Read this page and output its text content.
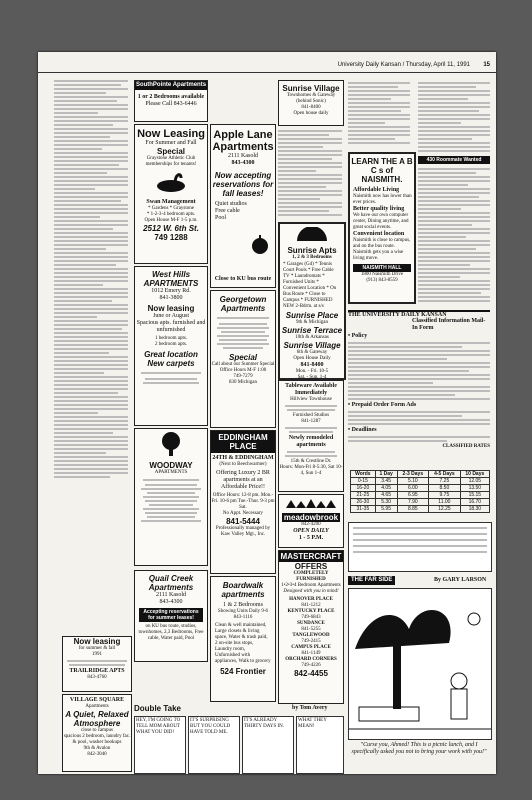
University Daily Kansan / Thursday, April 11, 1991 15
SouthPointe Apartments
1 or 2 Bedrooms available
Please Call 843-6446
Now Leasing
For Summer and Fall
Special
Graystone Athletic Club memberships for tenants!
Swan Management
* Gardens * Graystone
* 1-2-3-4 bedroom apts.
Open House M-F 1-5 p.m.
2512 W. 6th St.
749 1288
West Hills APARTMENTS
1012 Emery Rd.
841-3800
Now leasing
June or August
Spacious apts. furnished and unfurnished
1 bedroom apts.
2 bedroom apts.
Great location New carpets
WOODWAY
APARTMENTS
Quail Creek Apartments
2111 Kasold
843-4300
Accepting reservations for summer leases!
on KU bus route, studios, townhomes, 2,3 Bedrooms, Free cable, Water paid, Pool
Now leasing
for summer & fall
1991
TRAILRIDGE APTS
843-4760
VILLAGE SQUARE
Apartments
A Quiet, Relaxed Atmosphere
close to campus
spacious 2 bedroom, laundry fac. & pool, washer hookups
9th & Avalon
842-3040
Apple Lane Apartments
2111 Kasold
843-4300
Now accepting reservations for fall leases!
Quiet studios
Free cable
Pool
Close to KU bus route
Georgetown Apartments
Special
Call about our Summer Special
Office Hours M-F 1:00
749-7279
830 Michigan
EDDINGHAM PLACE
24TH & EDDINGHAM
(Next to Beechwarmer)
Offering Luxury 2 BR apartments at an Affordable Price!!
Office Hours: 12-8 pm. Mon.-Fri. 10-6 pm Tue.-Thur. 9-3 pm Sat.
No Appt. Necessary
841-5444
Professionally managed by Kaw Valley Mgt., Inc.
Boardwalk apartments
1 & 2 Bedrooms
Showing Units Daily 9-6
843-1116
Clean & well maintained, Large closets & living space, Water & trash paid, 2 on-site bus stops, Laundry room, Unfurnished with appliances, Walk to grocery
524 Frontier
Sunrise Village
Townhomes & Gateway (behind Sonic)
841-8400
Open house daily
Sunrise Apts
1, 2 & 3 Bedrooms
* Garages (Gd) * Tennis Court Pools * Free Cable TV * Laundromats * Furnished Units * Convenient Location * On Bus Route * Close to Campus * FURNISHED NEW 2-Bdrm. at s/s
Sunrise Place
9th & Michigan
Sunrise Terrace
10th & Arkansas
Sunrise Village
6th & Gateway
Open House Daily
841-8400
Mon. - Fri. 10-5
Sat. - Sun. 1-4
Tableware Available Immediately
Hillview Townhouse
Furnished Studios
841-1287
Newly remodeled apartments
15th & Crestline Dr.
Hours: Mon-Fri 8-5:30, Sat 10-4, Sun 1-4
meadowbrook
842-4200
OPEN DAILY
1 - 5 P.M.
MASTERCRAFT
OFFERS
COMPLETELY FURNISHED
1•2•3•4 Bedroom Apartments
Designed with you in mind!
HANOVER PLACE
841-1212
KENTUCKY PLACE
749-6843
SUNDANCE
841-5255
TANGLEWOOD
749-2415
CAMPUS PLACE
841-1149
ORCHARD CORNERS
749-4226
842-4455
LEARN THE A B C s of NAISMITH.
Affordable Living
Naismith now has lower than ever prices.
Better quality living
We have our own computer center, Dining anytime, and great social events.
Convenient location
Naismith is close to campus, and on the bus route. Naismith gets you a wise living move.
NAISMITH HALL
1800 Naismith Drive
(913) 843-8559
430 Roommate Wanted
THE UNIVERSITY DAILY KANSAN
Classified Information Mail-In Form
• Policy
• Prepaid Order Form Ads
• Deadlines
CLASSIFIED RATES
Words	1 Day	2-3 Days	4-5 Days	10 Days
0-15	3.45	5.10	7.25	12.05
16-20	4.05	6.00	8.50	13.50
21-25	4.65	6.95	9.75	15.15
26-30	5.30	7.90	11.00	16.70
31-35	5.95	8.85	12.25	18.30
THE FAR SIDE	By GARY LARSON
"Curse you, Ahmed! This is a picnic lunch, and I specifically asked you not to bring your work with you!"
Double Take	by Tom Avery
HEY, I'M GOING TO TELL MOM ABOUT WHAT YOU DID!
IT'S SURPRISING BUT YOU COULD HAVE TOLD ME.
IT'S ALREADY THIRTY DAYS IN.
WHAT THEY MEAN!
